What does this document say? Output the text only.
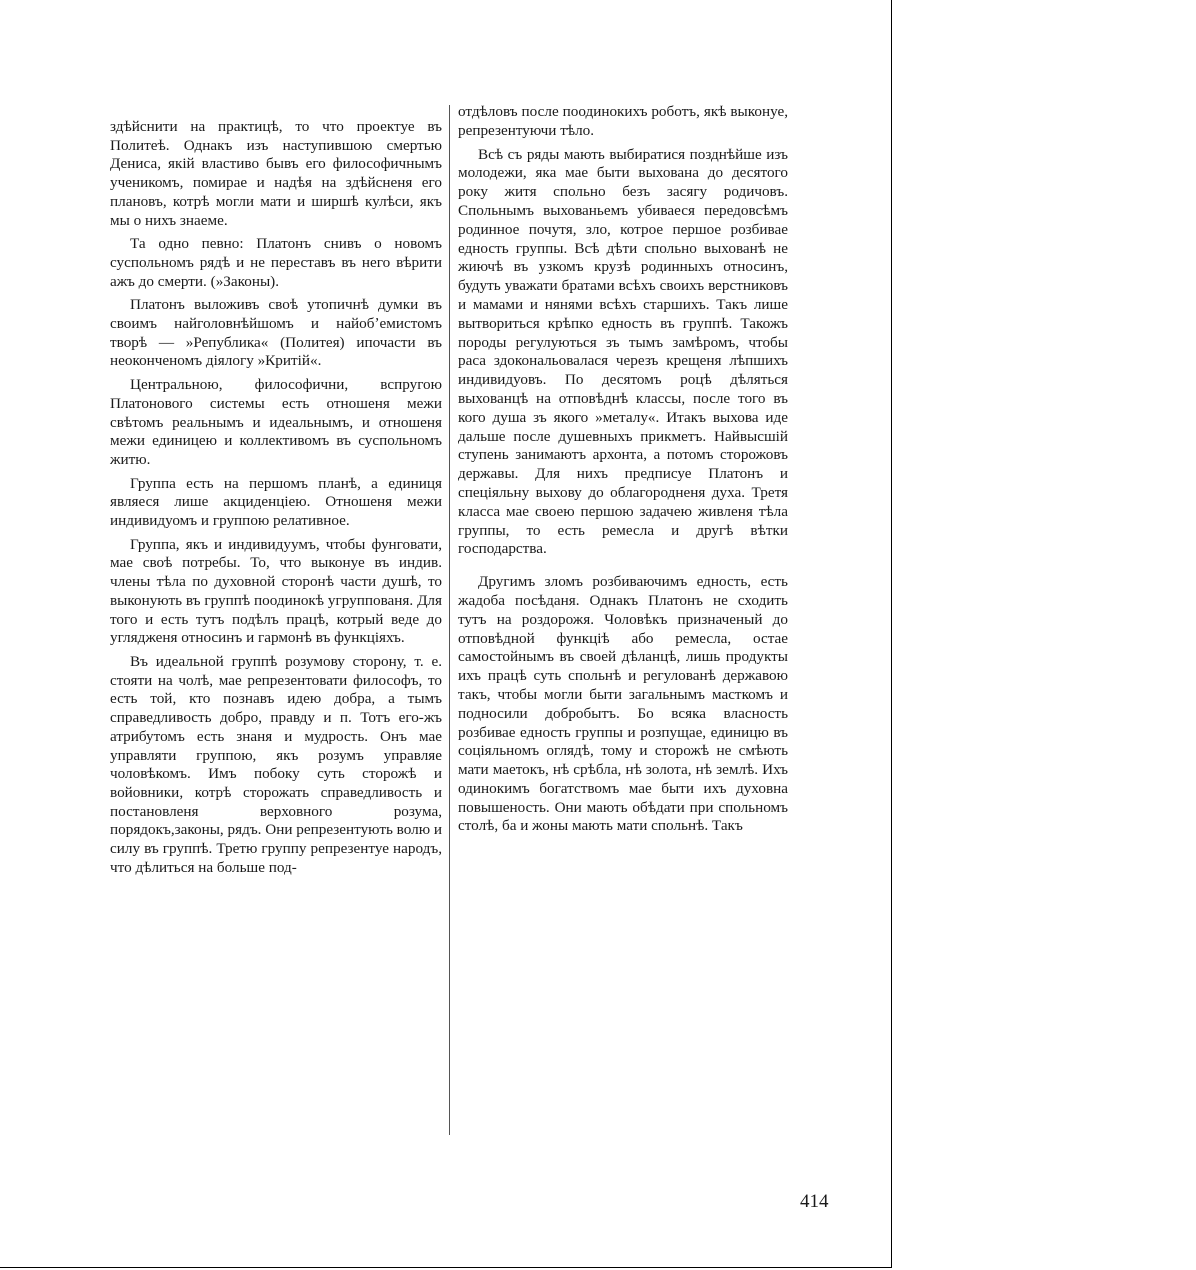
здѣйснити на практицѣ, то что проектуе въ Политеѣ. Однакъ изъ наступившою смертью Дениса, якій властиво бывъ его философичнымъ ученикомъ, помирае и надѣя на здѣйсненя его плановъ, котрѣ могли мати и ширшѣ кулѣси, якъ мы о нихъ знаеме.

Та одно певно: Платонъ снивъ о новомъ суспольномъ рядѣ и не переставъ въ него вѣрити ажъ до смерти. (»Законы).

Платонъ выложивъ своѣ утопичнѣ думки въ своимъ найголовнѣйшомъ и найобʼемистомъ творѣ — »Република« (Политея) ипочасти въ неоконченомъ діялогу »Критій«.

Центральною, философични, вспругою Платонового системы есть отношеня межи свѣтомъ реальнымъ и идеальнымъ, и отношеня межи единицею и коллективомъ въ суспольномъ житю.

Группа есть на першомъ планѣ, а единиця являеся лише акциденціею. Отношеня межи индивидуомъ и группою релативное.

Группа, якъ и индивидуумъ, чтобы фунговати, мае своѣ потребы. То, что выконуе въ индив. члены тѣла по духовной сторонѣ части душѣ, то выконують въ группѣ поодинокѣ угруппованя. Для того и есть тутъ подѣлъ працѣ, котрый веде до углядженя относинъ и гармонѣ въ функціяхъ.

Въ идеальной группѣ розумову сторону, т. е. стояти на чолѣ, мае репрезентовати философъ, то есть той, кто познавъ идею добра, а тымъ справедливость добро, правду и п. Тотъ его-жъ атрибутомъ есть знаня и мудрость. Онъ мае управляти группою, якъ розумъ управляе чоловѣкомъ. Имъ побоку суть сторожѣ и войовники, котрѣ сторожать справедливость и постановленя верховного розума, порядокъ,законы, рядъ. Они репрезентують волю и силу въ группѣ. Третю группу репрезентуе народъ, что дѣлиться на больше под-

отдѣловъ после поодинокихъ роботъ, якѣ выконуе, репрезентуючи тѣло.

Всѣ съ ряды мають выбиратися позднѣйше изъ молодежи, яка мае быти выхована до десятого року житя спольно безъ засягу родичовъ. Спольнымъ выхованьемъ убиваеся передовсѣмъ родинное почутя, зло, котрое першое розбивае едность группы. Всѣ дѣти спольно выхованѣ не жиючѣ въ узкомъ крузѣ родинныхъ относинъ, будуть уважати братами всѣхъ своихъ верстниковъ и мамами и нянями всѣхъ старшихъ. Такъ лише вытвориться крѣпко едность въ группѣ. Такожъ породы регулуються зъ тымъ замѣромъ, чтобы раса здокональовалася черезъ крещеня лѣпшихъ индивидуовъ. По десятомъ роцѣ дѣляться выхованцѣ на отповѣднѣ классы, после того въ кого душа зъ якого »металу«. Итакъ выхова иде дальше после душевныхъ прикметъ. Найвысшій ступень занимаютъ архонта, а потомъ сторожовъ державы. Для нихъ предписуе Платонъ и спеціяльну выхову до облагородненя духа. Третя класса мае своею першою задачею живленя тѣла группы, то есть ремесла и другѣ вѣтки господарства.

Другимъ зломъ розбиваючимъ едность, есть жадоба посѣданя. Однакъ Платонъ не сходить тутъ на роздорожя. Чоловѣкъ призначеный до отповѣдной функціѣ або ремесла, остае самостойнымъ въ своей дѣланцѣ, лишь продукты ихъ працѣ суть спольнѣ и регулованѣ державою такъ, чтобы могли быти загальнымъ масткомъ и подносили добробытъ. Бо всяка власность розбивае едность группы и розпущае, единицю въ соціяльномъ оглядѣ, тому и сторожѣ не смѣють мати маетокъ, нѣ срѣбла, нѣ золота, нѣ землѣ. Ихъ одинокимъ богатствомъ мае быти ихъ духовна повышеность. Они мають обѣдати при спольномъ столѣ, ба и жоны мають мати спольнѣ. Такъ

414
